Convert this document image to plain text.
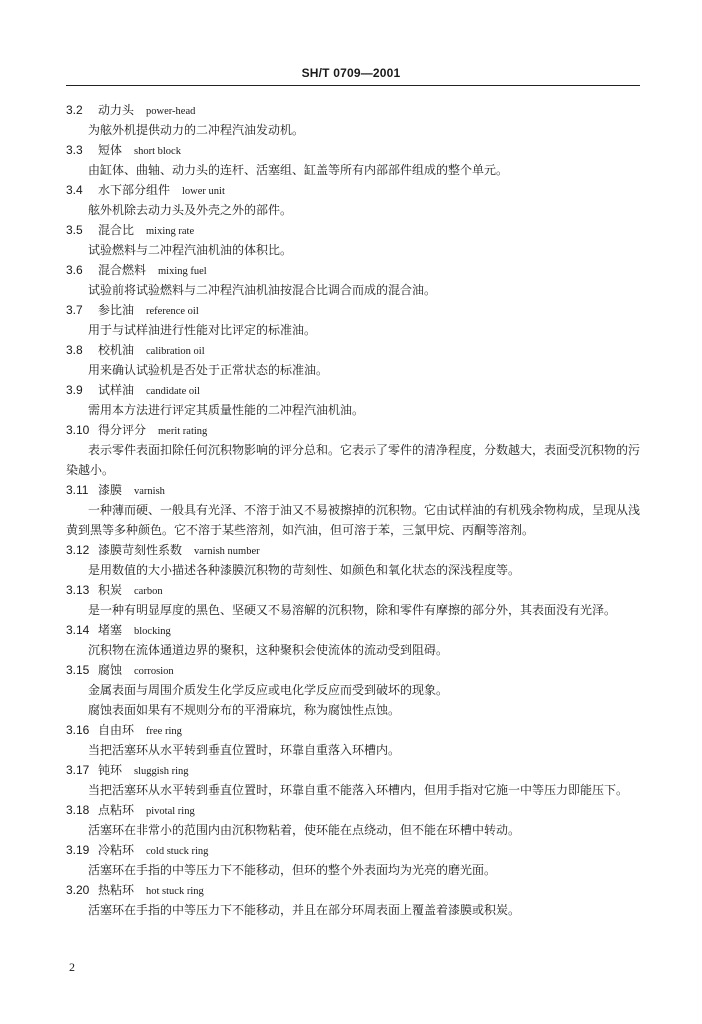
SH/T 0709—2001
3.2 动力头 power-head
为舷外机提供动力的二冲程汽油发动机。
3.3 短体 short block
由缸体、曲轴、动力头的连杆、活塞组、缸盖等所有内部部件组成的整个单元。
3.4 水下部分组件 lower unit
舷外机除去动力头及外壳之外的部件。
3.5 混合比 mixing rate
试验燃料与二冲程汽油机油的体积比。
3.6 混合燃料 mixing fuel
试验前将试验燃料与二冲程汽油机油按混合比调合而成的混合油。
3.7 参比油 reference oil
用于与试样油进行性能对比评定的标准油。
3.8 校机油 calibration oil
用来确认试验机是否处于正常状态的标准油。
3.9 试样油 candidate oil
需用本方法进行评定其质量性能的二冲程汽油机油。
3.10 得分评分 merit rating
表示零件表面扣除任何沉积物影响的评分总和。它表示了零件的清净程度，分数越大，表面受沉积物的污染越小。
3.11 漆膜 varnish
一种薄而硬、一般具有光泽、不溶于油又不易被擦掉的沉积物。它由试样油的有机残余物构成，呈现从浅黄到黑等多种颜色。它不溶于某些溶剂，如汽油，但可溶于苯，三氯甲烷、丙酮等溶剂。
3.12 漆膜苛刻性系数 varnish number
是用数值的大小描述各种漆膜沉积物的苛刻性、如颜色和氧化状态的深浅程度等。
3.13 积炭 carbon
是一种有明显厚度的黑色、坚硬又不易溶解的沉积物，除和零件有摩擦的部分外，其表面没有光泽。
3.14 堵塞 blocking
沉积物在流体通道边界的聚积，这种聚积会使流体的流动受到阻碍。
3.15 腐蚀 corrosion
金属表面与周围介质发生化学反应或电化学反应而受到破坏的现象。
腐蚀表面如果有不规则分布的平滑麻坑，称为腐蚀性点蚀。
3.16 自由环 free ring
当把活塞环从水平转到垂直位置时，环靠自重落入环槽内。
3.17 钝环 sluggish ring
当把活塞环从水平转到垂直位置时，环靠自重不能落入环槽内，但用手指对它施一中等压力即能压下。
3.18 点粘环 pivotal ring
活塞环在非常小的范围内由沉积物粘着，使环能在点绕动，但不能在环槽中转动。
3.19 冷粘环 cold stuck ring
活塞环在手指的中等压力下不能移动，但环的整个外表面均为光亮的磨光面。
3.20 热粘环 hot stuck ring
活塞环在手指的中等压力下不能移动，并且在部分环周表面上覆盖着漆膜或积炭。
2
